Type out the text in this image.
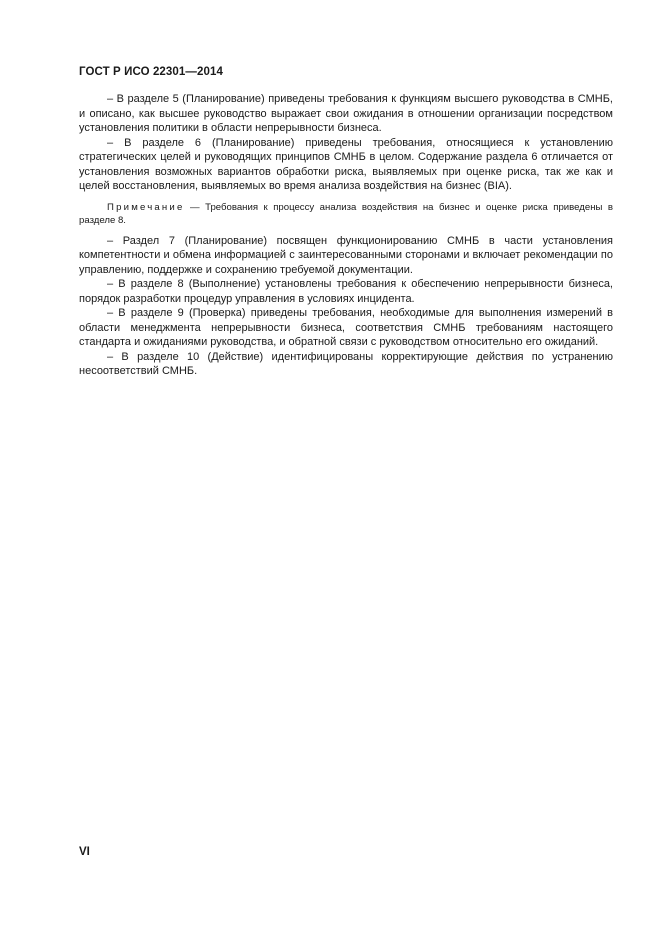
ГОСТ Р ИСО 22301—2014

– В разделе 5 (Планирование) приведены требования к функциям высшего руководства в СМНБ, и описано, как высшее руководство выражает свои ожидания в отношении организации посредством установления политики в области непрерывности бизнеса.

– В разделе 6 (Планирование) приведены требования, относящиеся к установлению стратегических целей и руководящих принципов СМНБ в целом. Содержание раздела 6 отличается от установления возможных вариантов обработки риска, выявляемых при оценке риска, так же как и целей восстановления, выявляемых во время анализа воздействия на бизнес (BIA).

Примечание — Требования к процессу анализа воздействия на бизнес и оценке риска приведены в разделе 8.

– Раздел 7 (Планирование) посвящен функционированию СМНБ в части установления компетентности и обмена информацией с заинтересованными сторонами и включает рекомендации по управлению, поддержке и сохранению требуемой документации.

– В разделе 8 (Выполнение) установлены требования к обеспечению непрерывности бизнеса, порядок разработки процедур управления в условиях инцидента.

– В разделе 9 (Проверка) приведены требования, необходимые для выполнения измерений в области менеджмента непрерывности бизнеса, соответствия СМНБ требованиям настоящего стандарта и ожиданиями руководства, и обратной связи с руководством относительно его ожиданий.

– В разделе 10 (Действие) идентифицированы корректирующие действия по устранению несоответствий СМНБ.

VI
